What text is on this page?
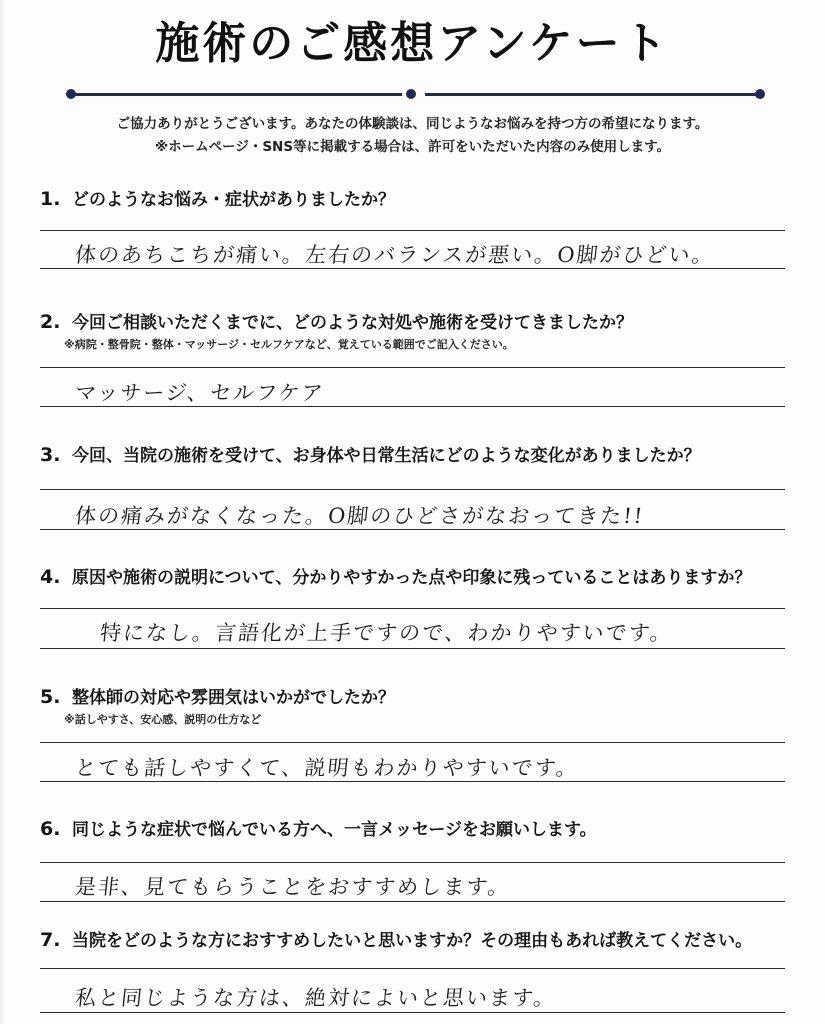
施術のご感想アンケート
ご協力ありがとうございます。あなたの体験談は、同じようなお悩みを持つ方の希望になります。
※ホームページ・SNS等に掲載する場合は、許可をいただいた内容のみ使用します。
1. どのようなお悩み・症状がありましたか？
体のあちこちが痛い。左右のバランスが悪い。O脚がひどい。
2. 今回ご相談いただくまでに、どのような対処や施術を受けてきましたか？
※病院・整骨院・整体・マッサージ・セルフケアなど、覚えている範囲でご記入ください。
マッサージ、セルフケア
3. 今回、当院の施術を受けて、お身体や日常生活にどのような変化がありましたか？
体の痛みがなくなった。O脚のひどさがなおってきた!!
4. 原因や施術の説明について、分かりやすかった点や印象に残っていることはありますか？
特になし。言語化が上手ですので、わかりやすいです。
5. 整体師の対応や雰囲気はいかがでしたか？
※話しやすさ、安心感、説明の仕方など
とても話しやすくて、説明もわかりやすいです。
6. 同じような症状で悩んでいる方へ、一言メッセージをお願いします。
是非、見てもらうことをおすすめします。
7. 当院をどのような方におすすめしたいと思いますか？その理由もあれば教えてください。
私と同じような方は、絶対によいと思います。
